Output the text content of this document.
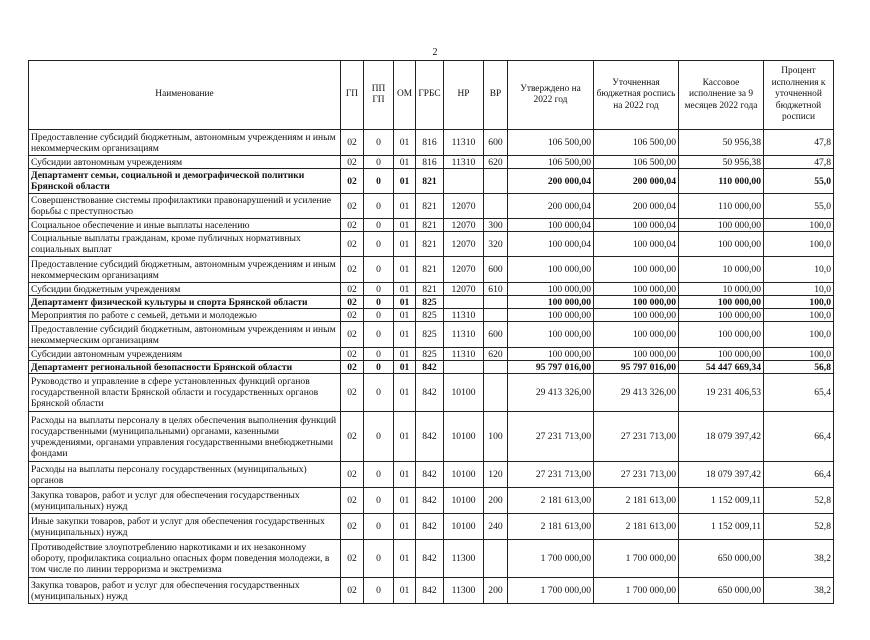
2
Наименование	ГП	ПП ГП	ОМ	ГРБС	НР	ВР	Утверждено на 2022 год	Уточненная бюджетная роспись на 2022 год	Кассовое исполнение за 9 месяцев 2022 года	Процент исполнения к уточненной бюджетной росписи
Предоставление субсидий бюджетным, автономным учреждениям и иным некоммерческим организациям	02	0	01	816	11310	600	106 500,00	106 500,00	50 956,38	47,8
Субсидии автономным учреждениям	02	0	01	816	11310	620	106 500,00	106 500,00	50 956,38	47,8
Департамент семьи, социальной и демографической политики Брянской области	02	0	01	821			200 000,04	200 000,04	110 000,00	55,0
Совершенствование системы профилактики правонарушений и усиление борьбы с преступностью	02	0	01	821	12070		200 000,04	200 000,04	110 000,00	55,0
Социальное обеспечение и иные выплаты населению	02	0	01	821	12070	300	100 000,04	100 000,04	100 000,00	100,0
Социальные выплаты гражданам, кроме публичных нормативных социальных выплат	02	0	01	821	12070	320	100 000,04	100 000,04	100 000,00	100,0
Предоставление субсидий бюджетным, автономным учреждениям и иным некоммерческим организациям	02	0	01	821	12070	600	100 000,00	100 000,00	10 000,00	10,0
Субсидии бюджетным учреждениям	02	0	01	821	12070	610	100 000,00	100 000,00	10 000,00	10,0
Департамент физической культуры и спорта Брянской области	02	0	01	825			100 000,00	100 000,00	100 000,00	100,0
Мероприятия по работе с семьей, детьми и молодежью	02	0	01	825	11310		100 000,00	100 000,00	100 000,00	100,0
Предоставление субсидий бюджетным, автономным учреждениям и иным некоммерческим организациям	02	0	01	825	11310	600	100 000,00	100 000,00	100 000,00	100,0
Субсидии автономным учреждениям	02	0	01	825	11310	620	100 000,00	100 000,00	100 000,00	100,0
Департамент региональной безопасности Брянской области	02	0	01	842			95 797 016,00	95 797 016,00	54 447 669,34	56,8
Руководство и управление в сфере установленных функций органов государственной власти Брянской области и государственных органов Брянской области	02	0	01	842	10100		29 413 326,00	29 413 326,00	19 231 406,53	65,4
Расходы на выплаты персоналу в целях обеспечения выполнения функций государственными (муниципальными) органами, казенными учреждениями, органами управления государственными внебюджетными фондами	02	0	01	842	10100	100	27 231 713,00	27 231 713,00	18 079 397,42	66,4
Расходы на выплаты персоналу государственных (муниципальных) органов	02	0	01	842	10100	120	27 231 713,00	27 231 713,00	18 079 397,42	66,4
Закупка товаров, работ и услуг для обеспечения государственных (муниципальных) нужд	02	0	01	842	10100	200	2 181 613,00	2 181 613,00	1 152 009,11	52,8
Иные закупки товаров, работ и услуг для обеспечения государственных (муниципальных) нужд	02	0	01	842	10100	240	2 181 613,00	2 181 613,00	1 152 009,11	52,8
Противодействие злоупотреблению наркотиками и их незаконному обороту, профилактика социально опасных форм поведения молодежи, в том числе по линии терроризма и экстремизма	02	0	01	842	11300		1 700 000,00	1 700 000,00	650 000,00	38,2
Закупка товаров, работ и услуг для обеспечения государственных (муниципальных) нужд	02	0	01	842	11300	200	1 700 000,00	1 700 000,00	650 000,00	38,2
